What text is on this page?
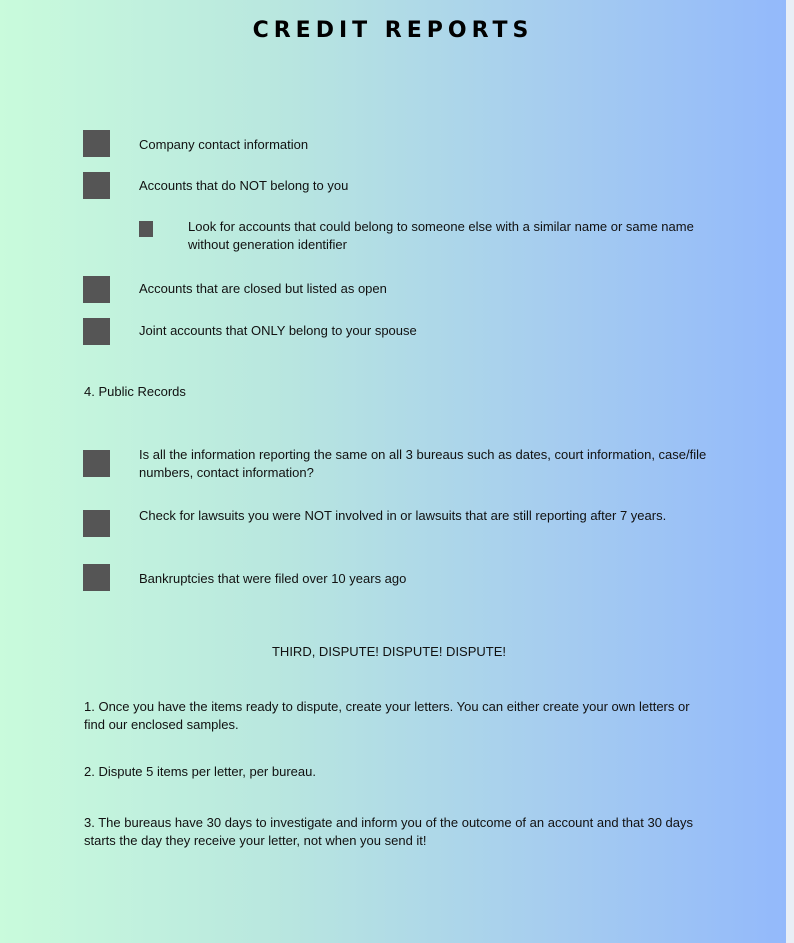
CREDIT REPORTS
Company contact information
Accounts that do NOT belong to you
Look for accounts that could belong to someone else with a similar name or same name without generation identifier
Accounts that are closed but listed as open
Joint accounts that ONLY belong to your spouse
4. Public Records
Is all the information reporting the same on all 3 bureaus such as dates, court information, case/file numbers, contact information?
Check for lawsuits you were NOT involved in or lawsuits that are still reporting after 7 years.
Bankruptcies that were filed over 10 years ago
THIRD, DISPUTE! DISPUTE! DISPUTE!
1. Once you have the items ready to dispute, create your letters. You can either create your own letters or find our enclosed samples.
2. Dispute 5 items per letter, per bureau.
3. The bureaus have 30 days to investigate and inform you of the outcome of an account and that 30 days starts the day they receive your letter, not when you send it!
